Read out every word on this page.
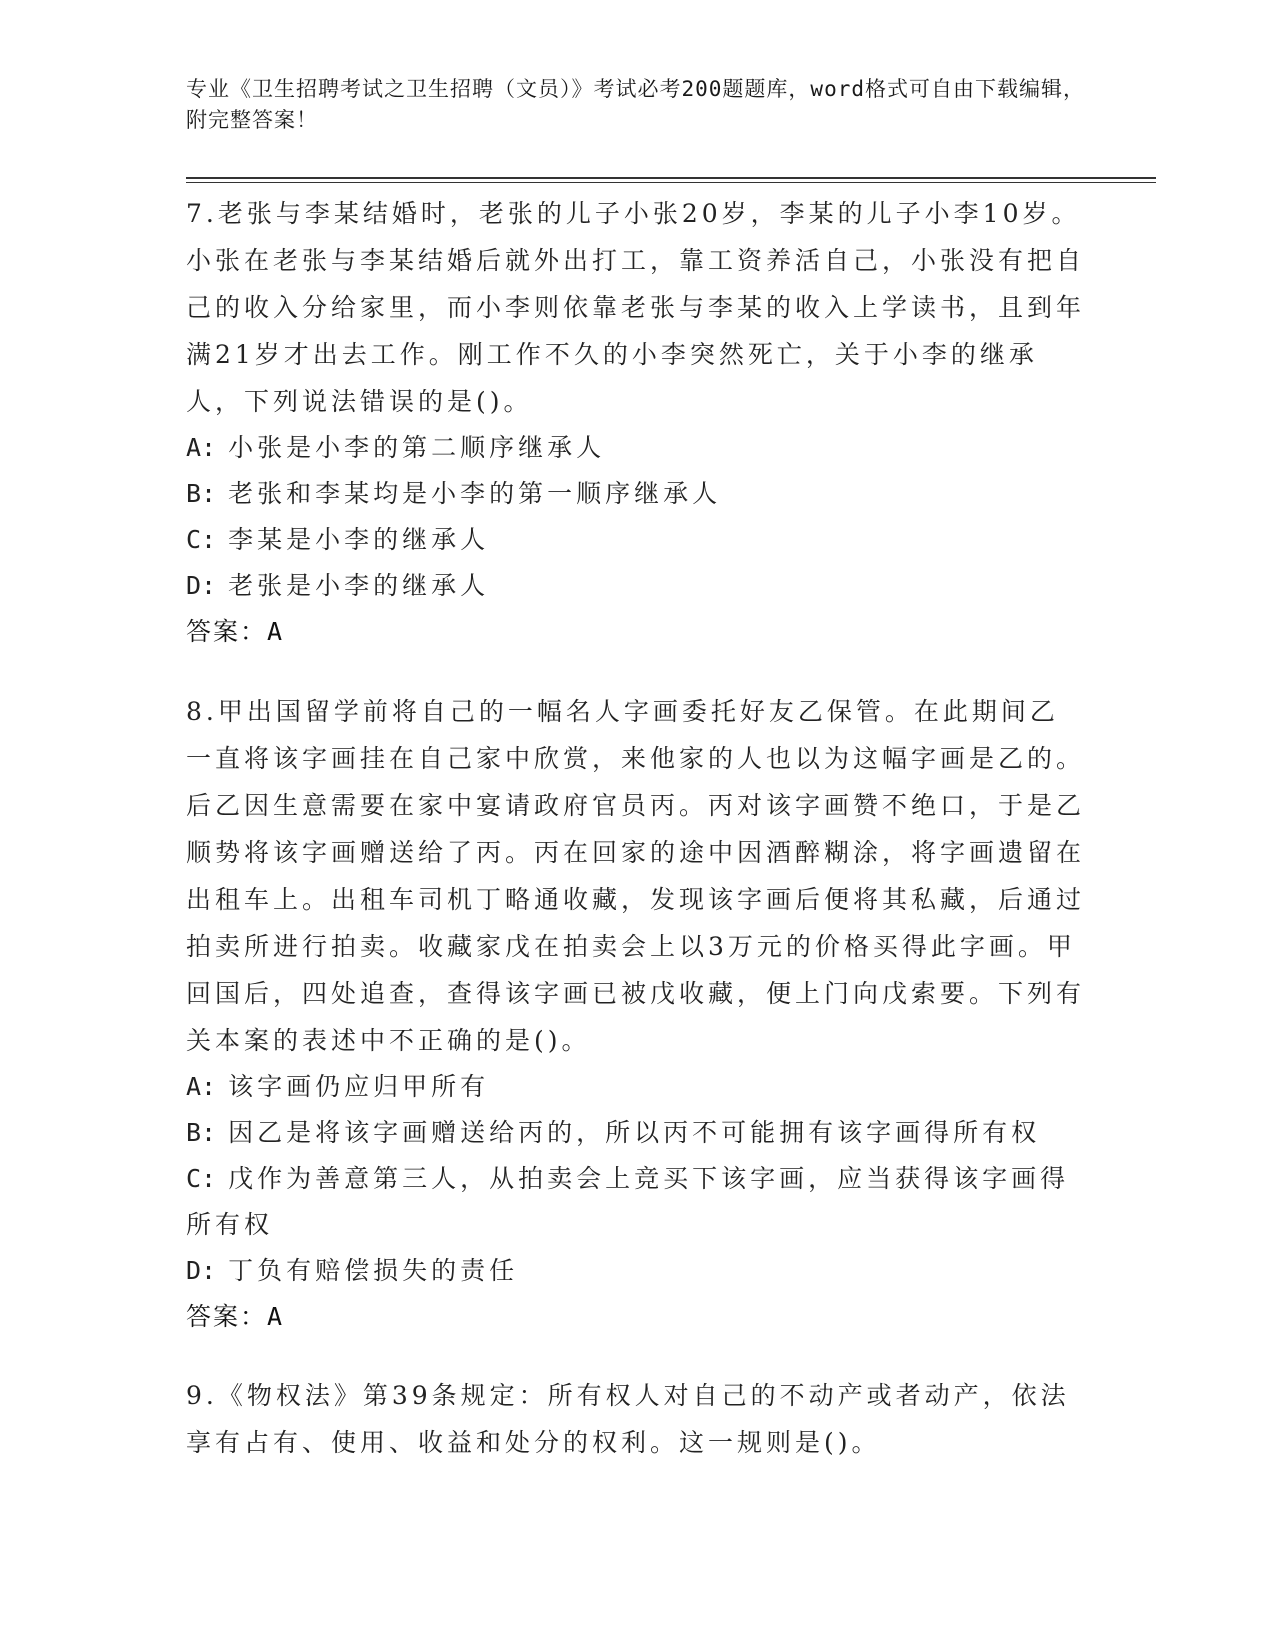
专业《卫生招聘考试之卫生招聘（文员）》考试必考200题题库，word格式可自由下载编辑，附完整答案！

7.老张与李某结婚时，老张的儿子小张20岁，李某的儿子小李10岁。小张在老张与李某结婚后就外出打工，靠工资养活自己，小张没有把自己的收入分给家里，而小李则依靠老张与李某的收入上学读书，且到年满21岁才出去工作。刚工作不久的小李突然死亡，关于小李的继承人，下列说法错误的是()。

A: 小张是小李的第二顺序继承人
B: 老张和李某均是小李的第一顺序继承人
C: 李某是小李的继承人
D: 老张是小李的继承人
答案：A

8.甲出国留学前将自己的一幅名人字画委托好友乙保管。在此期间乙一直将该字画挂在自己家中欣赏，来他家的人也以为这幅字画是乙的。后乙因生意需要在家中宴请政府官员丙。丙对该字画赞不绝口，于是乙顺势将该字画赠送给了丙。丙在回家的途中因酒醉糊涂，将字画遗留在出租车上。出租车司机丁略通收藏，发现该字画后便将其私藏，后通过拍卖所进行拍卖。收藏家戊在拍卖会上以3万元的价格买得此字画。甲回国后，四处追查，查得该字画已被戊收藏，便上门向戊索要。下列有关本案的表述中不正确的是()。

A: 该字画仍应归甲所有
B: 因乙是将该字画赠送给丙的，所以丙不可能拥有该字画得所有权
C: 戊作为善意第三人，从拍卖会上竞买下该字画，应当获得该字画得所有权
D: 丁负有赔偿损失的责任
答案：A

9.《物权法》第39条规定：所有权人对自己的不动产或者动产，依法享有占有、使用、收益和处分的权利。这一规则是()。
